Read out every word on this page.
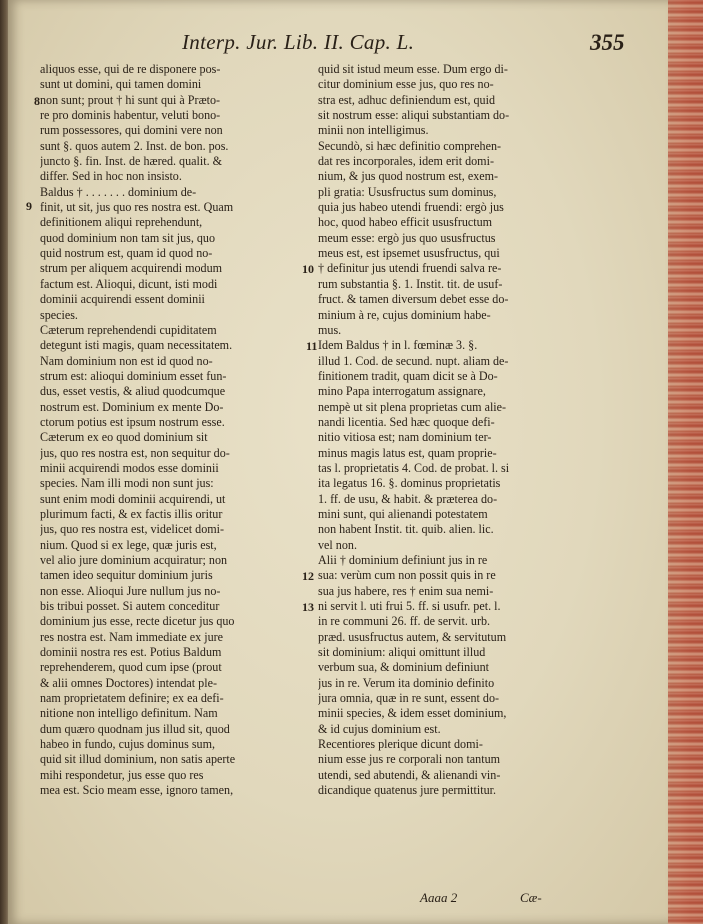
Interp. Jur. Lib. II. Cap. L.	355
aliquos esse, qui de re disponere pos-
sunt ut domini, qui tamen domini
non sunt; prout † hi sunt qui à Præto-
re pro dominis habentur, veluti bono-
rum possessores, qui domini vere non
sunt §. quos autem 2. Inst. de bon. pos.
juncto §. fin. Inst. de hæred. qualit. &
differ. Sed in hoc non insisto.
Baldus † . . . . . . . dominium de-
finit, ut sit, jus quo res nostra est. Quam
definitionem aliqui reprehendunt,
quod dominium non tam sit jus, quo
quid nostrum est, quam id quod no-
strum per aliquem acquirendi modum
factum est. Alioqui, dicunt, isti modi
dominii acquirendi essent dominii
species.
Cæterum reprehendendi cupiditatem
detegunt isti magis, quam necessitatem.
Nam dominium non est id quod no-
strum est: alioqui dominium esset fun-
dus, esset vestis, & aliud quodcumque
nostrum est. Dominium ex mente Do-
ctorum potius est ipsum nostrum esse.
Cæterum ex eo quod dominium sit
jus, quo res nostra est, non sequitur do-
minii acquirendi modos esse dominii
species. Nam illi modi non sunt jus:
sunt enim modi dominii acquirendi, ut
plurimum facti, & ex factis illis oritur
jus, quo res nostra est, videlicet domi-
nium. Quod si ex lege, quæ juris est,
vel alio jure dominium acquiratur; non
tamen ideo sequitur dominium juris
non esse. Alioqui Jure nullum jus no-
bis tribui posset. Si autem conceditur
dominium jus esse, recte dicetur jus quo
res nostra est. Nam immediate ex jure
dominii nostra res est. Potius Baldum
reprehenderem, quod cum ipse (prout
& alii omnes Doctores) intendat ple-
nam proprietatem definire; ex ea defi-
nitione non intelligo definitum. Nam
dum quæro quodnam jus illud sit, quod
habeo in fundo, cujus dominus sum,
quid sit illud dominium, non satis aperte
mihi respondetur, jus esse quo res
mea est. Scio meam esse, ignoro tamen,
quid sit istud meum esse. Dum ergo di-
citur dominium esse jus, quo res no-
stra est, adhuc definiendum est, quid
sit nostrum esse: aliqui substantiam do-
minii non intelligimus.
Secundò, si hæc definitio comprehen-
dat res incorporales, idem erit domi-
nium, & jus quod nostrum est, exem-
pli gratia: Ususfructus sum dominus,
quia jus habeo utendi fruendi: ergò jus
hoc, quod habeo efficit ususfructum
meum esse: ergò jus quo ususfructus
meus est, est ipsemet ususfructus, qui
† definitur jus utendi fruendi salva re-
rum substantia §. 1. Instit. tit. de usuf-
fruct. & tamen diversum debet esse do-
minium à re, cujus dominium habe-
mus.
Idem Baldus † in l. fœminæ 3. §.
illud 1. Cod. de secund. nupt. aliam de-
finitionem tradit, quam dicit se à Do-
mino Papa interrogatum assignare,
nempè ut sit plena proprietas cum alie-
nandi licentia. Sed hæc quoque defi-
nitio vitiosa est; nam dominium ter-
minus magis latus est, quam proprie-
tas l. proprietatis 4. Cod. de probat. l. si
ita legatus 16. §. dominus proprietatis
1. ff. de usu, & habit. & præterea do-
mini sunt, qui alienandi potestatem
non habent Instit. tit. quib. alien. lic.
vel non.
Alii † dominium definiunt jus in re
sua: verùm cum non possit quis in re
sua jus habere, res † enim sua nemi-
ni servit l. uti frui 5. ff. si usufr. pet. l.
in re communi 26. ff. de servit. urb.
præd. ususfructus autem, & servitutum
sit dominium: aliqui omittunt illud
verbum sua, & dominium definiunt
jus in re. Verum ita dominio definito
jura omnia, quæ in re sunt, essent do-
minii species, & idem esset dominium,
& id cujus dominium est.
Recentiores plerique dicunt domi-
nium esse jus re corporali non tantum
utendi, sed abutendi, & alienandi vin-
dicandique quatenus jure permittitur.
8
9
10
11
12
13
Aaaa 2	Cæ-
